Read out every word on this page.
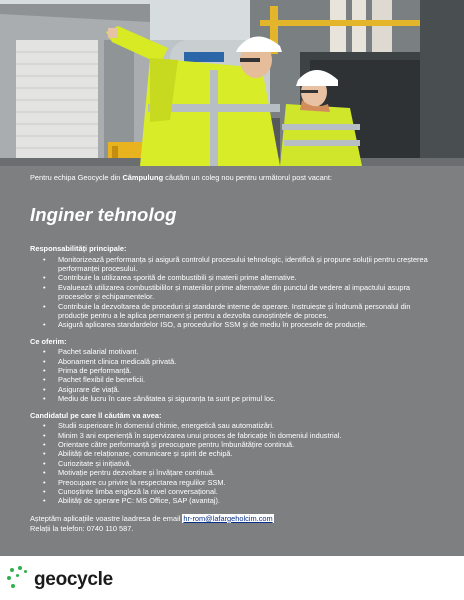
Pentru echipa Geocycle din Câmpulung căutăm un coleg nou pentru următorul post vacant:

Inginer tehnolog
Responsabilități principale:
• Monitorizează performanța și asigură controlul procesului tehnologic, identifică și propune soluții pentru creșterea performanței procesului.
• Contribuie la utilizarea sporită de combustibili și materii prime alternative.
• Evaluează utilizarea combustibililor și materiilor prime alternative din punctul de vedere al impactului asupra proceselor și echipamentelor.
• Contribuie la dezvoltarea de proceduri și standarde interne de operare. Instruiește și îndrumă personalul din producție pentru a le aplica permanent și pentru a dezvolta cunoștințele de proces.
• Asigură aplicarea standardelor ISO, a procedurilor SSM și de mediu în procesele de producție.
Ce oferim:
• Pachet salarial motivant.
• Abonament clinica medicală privată.
• Prima de performanță.
• Pachet flexibil de beneficii.
• Asigurare de viață.
• Mediu de lucru în care sănătatea și siguranța ta sunt pe primul loc.
Candidatul pe care îl căutăm va avea:
• Studii superioare în domeniul chimie, energetică sau automatizări.
• Minim 3 ani experiență în supervizarea unui proces de fabricație în domeniul industrial.
• Orientare către performanță și preocupare pentru îmbunătățire continuă.
• Abilități de relaționare, comunicare și spirit de echipă.
• Curiozitate și inițiativă.
• Motivație pentru dezvoltare și învățare continuă.
• Preocupare cu privire la respectarea regulilor SSM.
• Cunoștinte limba engleză la nivel conversațional.
• Abilități de operare PC: MS Office, SAP (avantaj).

Așteptăm aplicațiile voastre laadresa de email hr-rom@lafargeholcim.com

Relații la telefon: 0740 110 587.

geocycle
